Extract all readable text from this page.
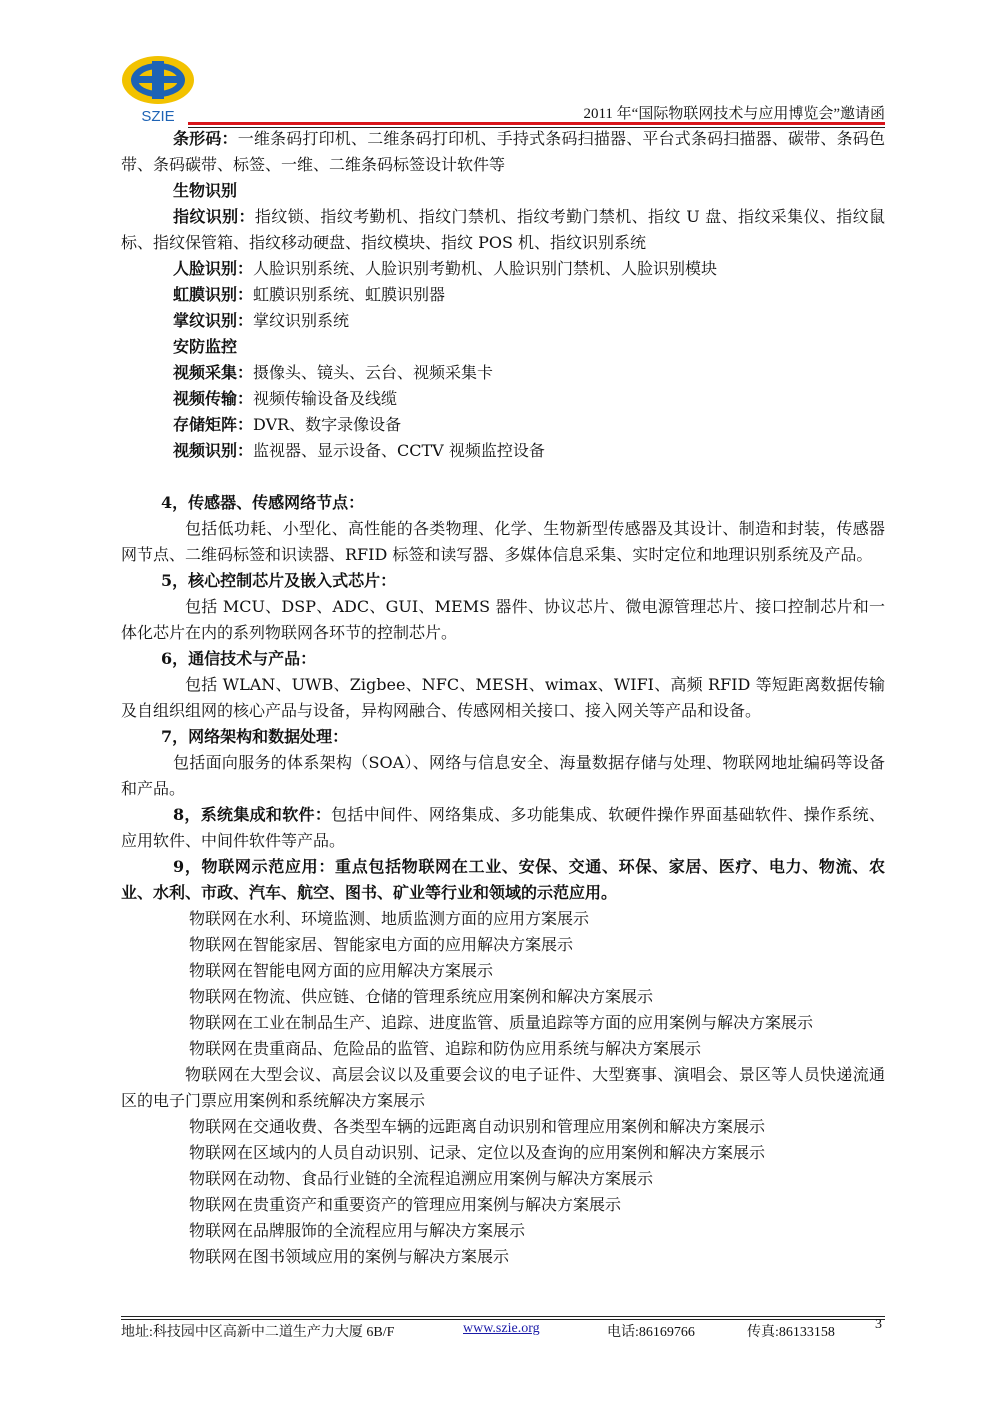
SZIE	2011 年“国际物联网技术与应用博览会”邀请函

条形码：一维条码打印机、二维条码打印机、手持式条码扫描器、平台式条码扫描器、碳带、条码色带、条码碳带、标签、一维、二维条码标签设计软件等

生物识别

指纹识别：指纹锁、指纹考勤机、指纹门禁机、指纹考勤门禁机、指纹 U 盘、指纹采集仪、指纹鼠标、指纹保管箱、指纹移动硬盘、指纹模块、指纹 POS 机、指纹识别系统

人脸识别：人脸识别系统、人脸识别考勤机、人脸识别门禁机、人脸识别模块

虹膜识别：虹膜识别系统、虹膜识别器

掌纹识别：掌纹识别系统

安防监控

视频采集：摄像头、镜头、云台、视频采集卡

视频传输：视频传输设备及线缆

存储矩阵：DVR、数字录像设备

视频识别：监视器、显示设备、CCTV 视频监控设备

4，传感器、传感网络节点：

包括低功耗、小型化、高性能的各类物理、化学、生物新型传感器及其设计、制造和封装，传感器网节点、二维码标签和识读器、RFID 标签和读写器、多媒体信息采集、实时定位和地理识别系统及产品。

5，核心控制芯片及嵌入式芯片：

包括 MCU、DSP、ADC、GUI、MEMS 器件、协议芯片、微电源管理芯片、接口控制芯片和一体化芯片在内的系列物联网各环节的控制芯片。

6，通信技术与产品：

包括 WLAN、UWB、Zigbee、NFC、MESH、wimax、WIFI、高频 RFID 等短距离数据传输及自组织组网的核心产品与设备，异构网融合、传感网相关接口、接入网关等产品和设备。

7，网络架构和数据处理：

包括面向服务的体系架构（SOA）、网络与信息安全、海量数据存储与处理、物联网地址编码等设备和产品。

8，系统集成和软件：包括中间件、网络集成、多功能集成、软硬件操作界面基础软件、操作系统、应用软件、中间件软件等产品。

9，物联网示范应用：重点包括物联网在工业、安保、交通、环保、家居、医疗、电力、物流、农业、水利、市政、汽车、航空、图书、矿业等行业和领域的示范应用。

物联网在水利、环境监测、地质监测方面的应用方案展示

物联网在智能家居、智能家电方面的应用解决方案展示

物联网在智能电网方面的应用解决方案展示

物联网在物流、供应链、仓储的管理系统应用案例和解决方案展示

物联网在工业在制品生产、追踪、进度监管、质量追踪等方面的应用案例与解决方案展示

物联网在贵重商品、危险品的监管、追踪和防伪应用系统与解决方案展示

物联网在大型会议、高层会议以及重要会议的电子证件、大型赛事、演唱会、景区等人员快递流通区的电子门票应用案例和系统解决方案展示

物联网在交通收费、各类型车辆的远距离自动识别和管理应用案例和解决方案展示

物联网在区域内的人员自动识别、记录、定位以及查询的应用案例和解决方案展示

物联网在动物、食品行业链的全流程追溯应用案例与解决方案展示

物联网在贵重资产和重要资产的管理应用案例与解决方案展示

物联网在品牌服饰的全流程应用与解决方案展示

物联网在图书领域应用的案例与解决方案展示

地址:科技园中区高新中二道生产力大厦 6B/F	www.szie.org	电话:86169766	传真:86133158
3
